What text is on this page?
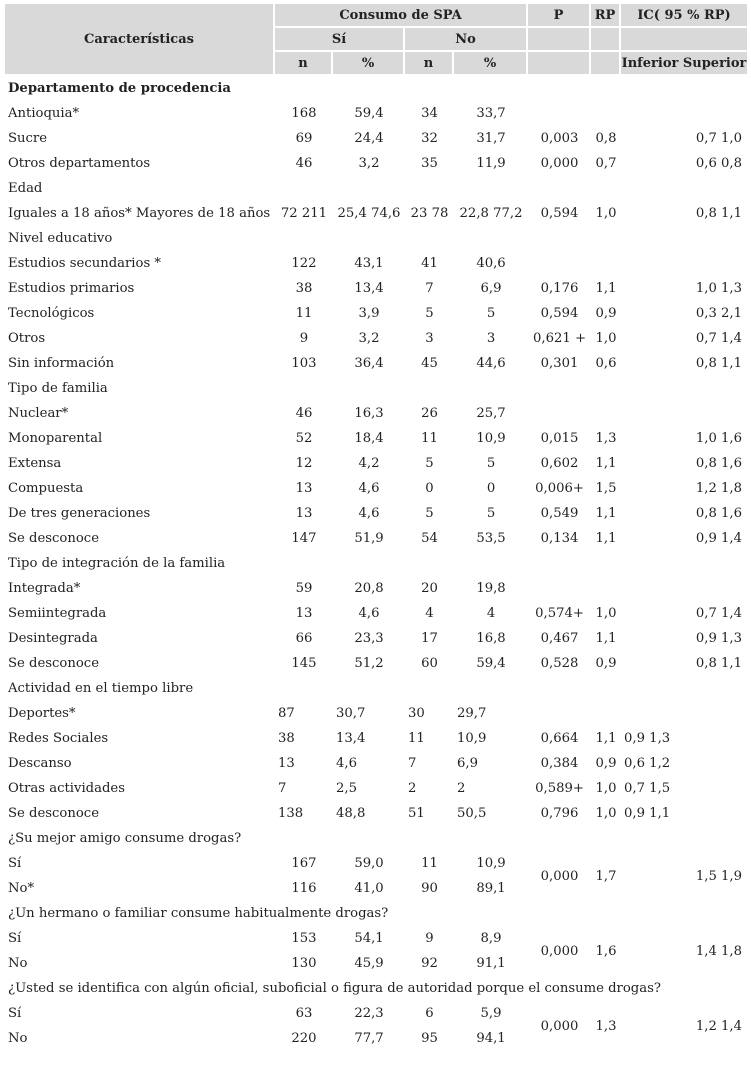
Características	Consumo de SPA				P	RP	IC( 95 % RP)
	Sí		No				
	n	%	n	%			Inferior Superior
Departamento de procedencia							
Antioquia*	168	59,4	34	33,7			
Sucre	69	24,4	32	31,7	0,003	0,8	0,7 1,0
Otros departamentos	46	3,2	35	11,9	0,000	0,7	0,6 0,8
Edad							
Iguales a 18 años* Mayores de 18 años	72 211	25,4 74,6	23 78	22,8 77,2	0,594	1,0	0,8 1,1
Nivel educativo							
Estudios secundarios *	122	43,1	41	40,6			
Estudios primarios	38	13,4	7	6,9	0,176	1,1	1,0 1,3
Tecnológicos	11	3,9	5	5	0,594	0,9	0,3 2,1
Otros	9	3,2	3	3	0,621 +	1,0	0,7 1,4
Sin información	103	36,4	45	44,6	0,301	0,6	0,8 1,1
Tipo de familia							
Nuclear*	46	16,3	26	25,7			
Monoparental	52	18,4	11	10,9	0,015	1,3	1,0 1,6
Extensa	12	4,2	5	5	0,602	1,1	0,8 1,6
Compuesta	13	4,6	0	0	0,006+	1,5	1,2 1,8
De tres generaciones	13	4,6	5	5	0,549	1,1	0,8 1,6
Se desconoce	147	51,9	54	53,5	0,134	1,1	0,9 1,4
Tipo de integración de la familia							
Integrada*	59	20,8	20	19,8			
Semiintegrada	13	4,6	4	4	0,574+	1,0	0,7 1,4
Desintegrada	66	23,3	17	16,8	0,467	1,1	0,9 1,3
Se desconoce	145	51,2	60	59,4	0,528	0,9	0,8 1,1
Actividad en el tiempo libre							
Deportes*	87	30,7	30	29,7			
Redes Sociales	38	13,4	11	10,9	0,664	1,1	0,9 1,3
Descanso	13	4,6	7	6,9	0,384	0,9	0,6 1,2
Otras actividades	7	2,5	2	2	0,589+	1,0	0,7 1,5
Se desconoce	138	48,8	51	50,5	0,796	1,0	0,9 1,1
¿Su mejor amigo consume drogas?							
Sí	167	59,0	11	10,9	0,000	1,7	1,5 1,9
No*	116	41,0	90	89,1			
¿Un hermano o familiar consume habitualmente drogas?							
Sí	153	54,1	9	8,9	0,000	1,6	1,4 1,8
No	130	45,9	92	91,1			
¿Usted se identifica con algún oficial, suboficial o figura de autoridad porque el consume drogas?							
Sí	63	22,3	6	5,9	0,000	1,3	1,2 1,4
No	220	77,7	95	94,1			
